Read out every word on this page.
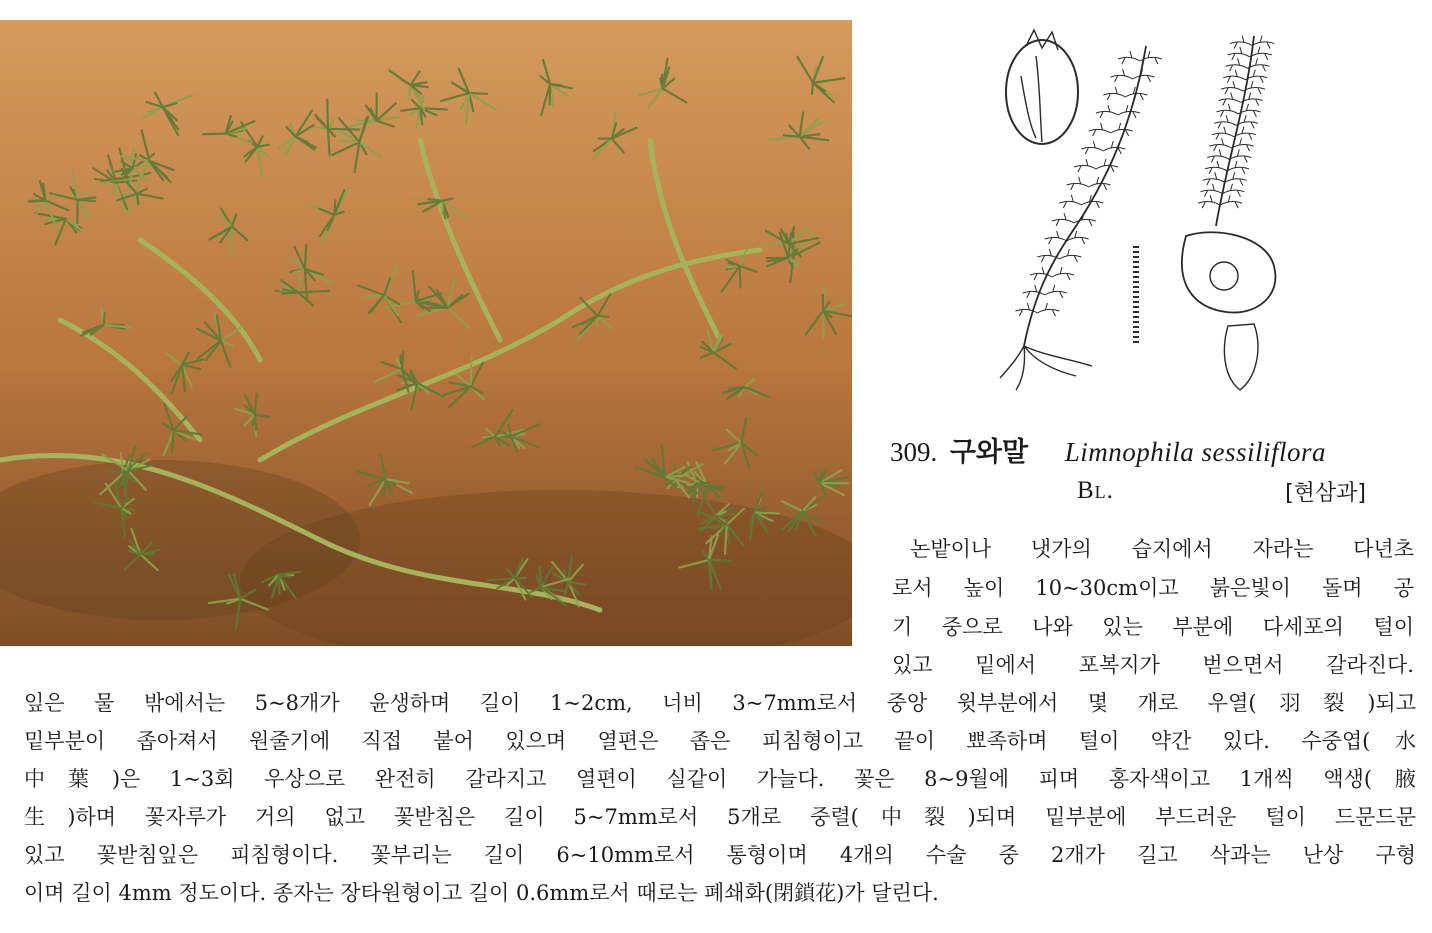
309. 구와말 Limnophila sessiliflora
Bl.	[현삼과]
논밭이나 냇가의 습지에서 자라는 다년초
로서 높이 10~30cm이고 붉은빛이 돌며 공
기 중으로 나와 있는 부분에 다세포의 털이
있고 밑에서 포복지가 벋으면서 갈라진다.
잎은 물 밖에서는 5~8개가 윤생하며 길이 1~2cm, 너비 3~7mm로서 중앙 윗부분에서 몇 개로 우열(羽裂)되고
밑부분이 좁아져서 원줄기에 직접 붙어 있으며 열편은 좁은 피침형이고 끝이 뾰족하며 털이 약간 있다. 수중엽(水
中葉)은 1~3회 우상으로 완전히 갈라지고 열편이 실같이 가늘다. 꽃은 8~9월에 피며 홍자색이고 1개씩 액생(腋
生)하며 꽃자루가 거의 없고 꽃받침은 길이 5~7mm로서 5개로 중렬(中裂)되며 밑부분에 부드러운 털이 드문드문
있고 꽃받침잎은 피침형이다. 꽃부리는 길이 6~10mm로서 통형이며 4개의 수술 중 2개가 길고 삭과는 난상 구형
이며 길이 4mm 정도이다. 종자는 장타원형이고 길이 0.6mm로서 때로는 폐쇄화(閉鎖花)가 달린다.
